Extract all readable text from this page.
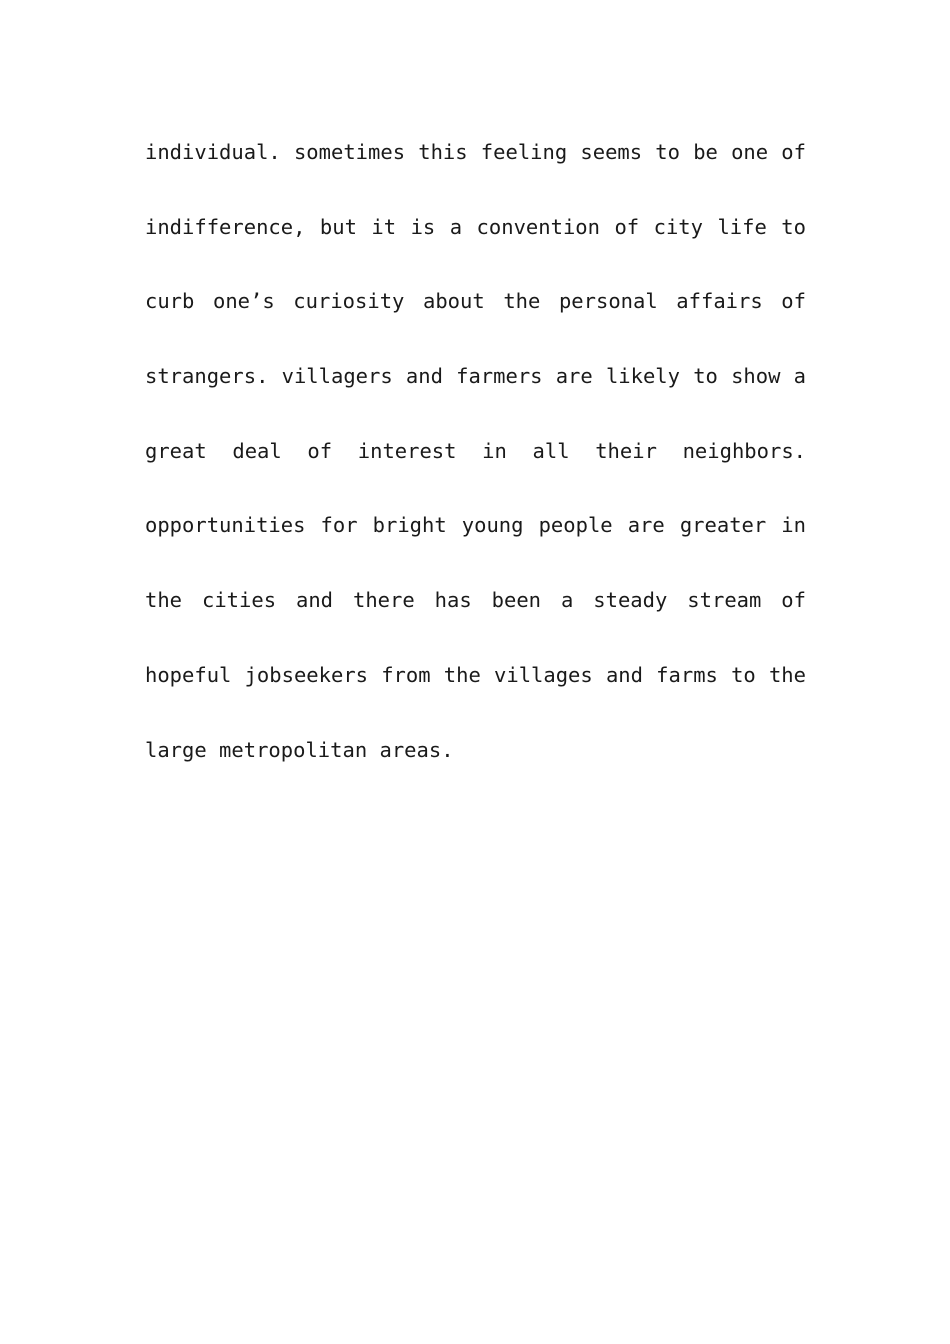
individual. sometimes this feeling seems to be one of
indifference, but it is a convention of city life to
curb one’s curiosity about the personal affairs of
strangers. villagers and farmers are likely to show a
great deal of interest in all their neighbors.
opportunities for bright young people are greater in
the cities and there has been a steady stream of
hopeful jobseekers from the villages and farms to the
large metropolitan areas.
